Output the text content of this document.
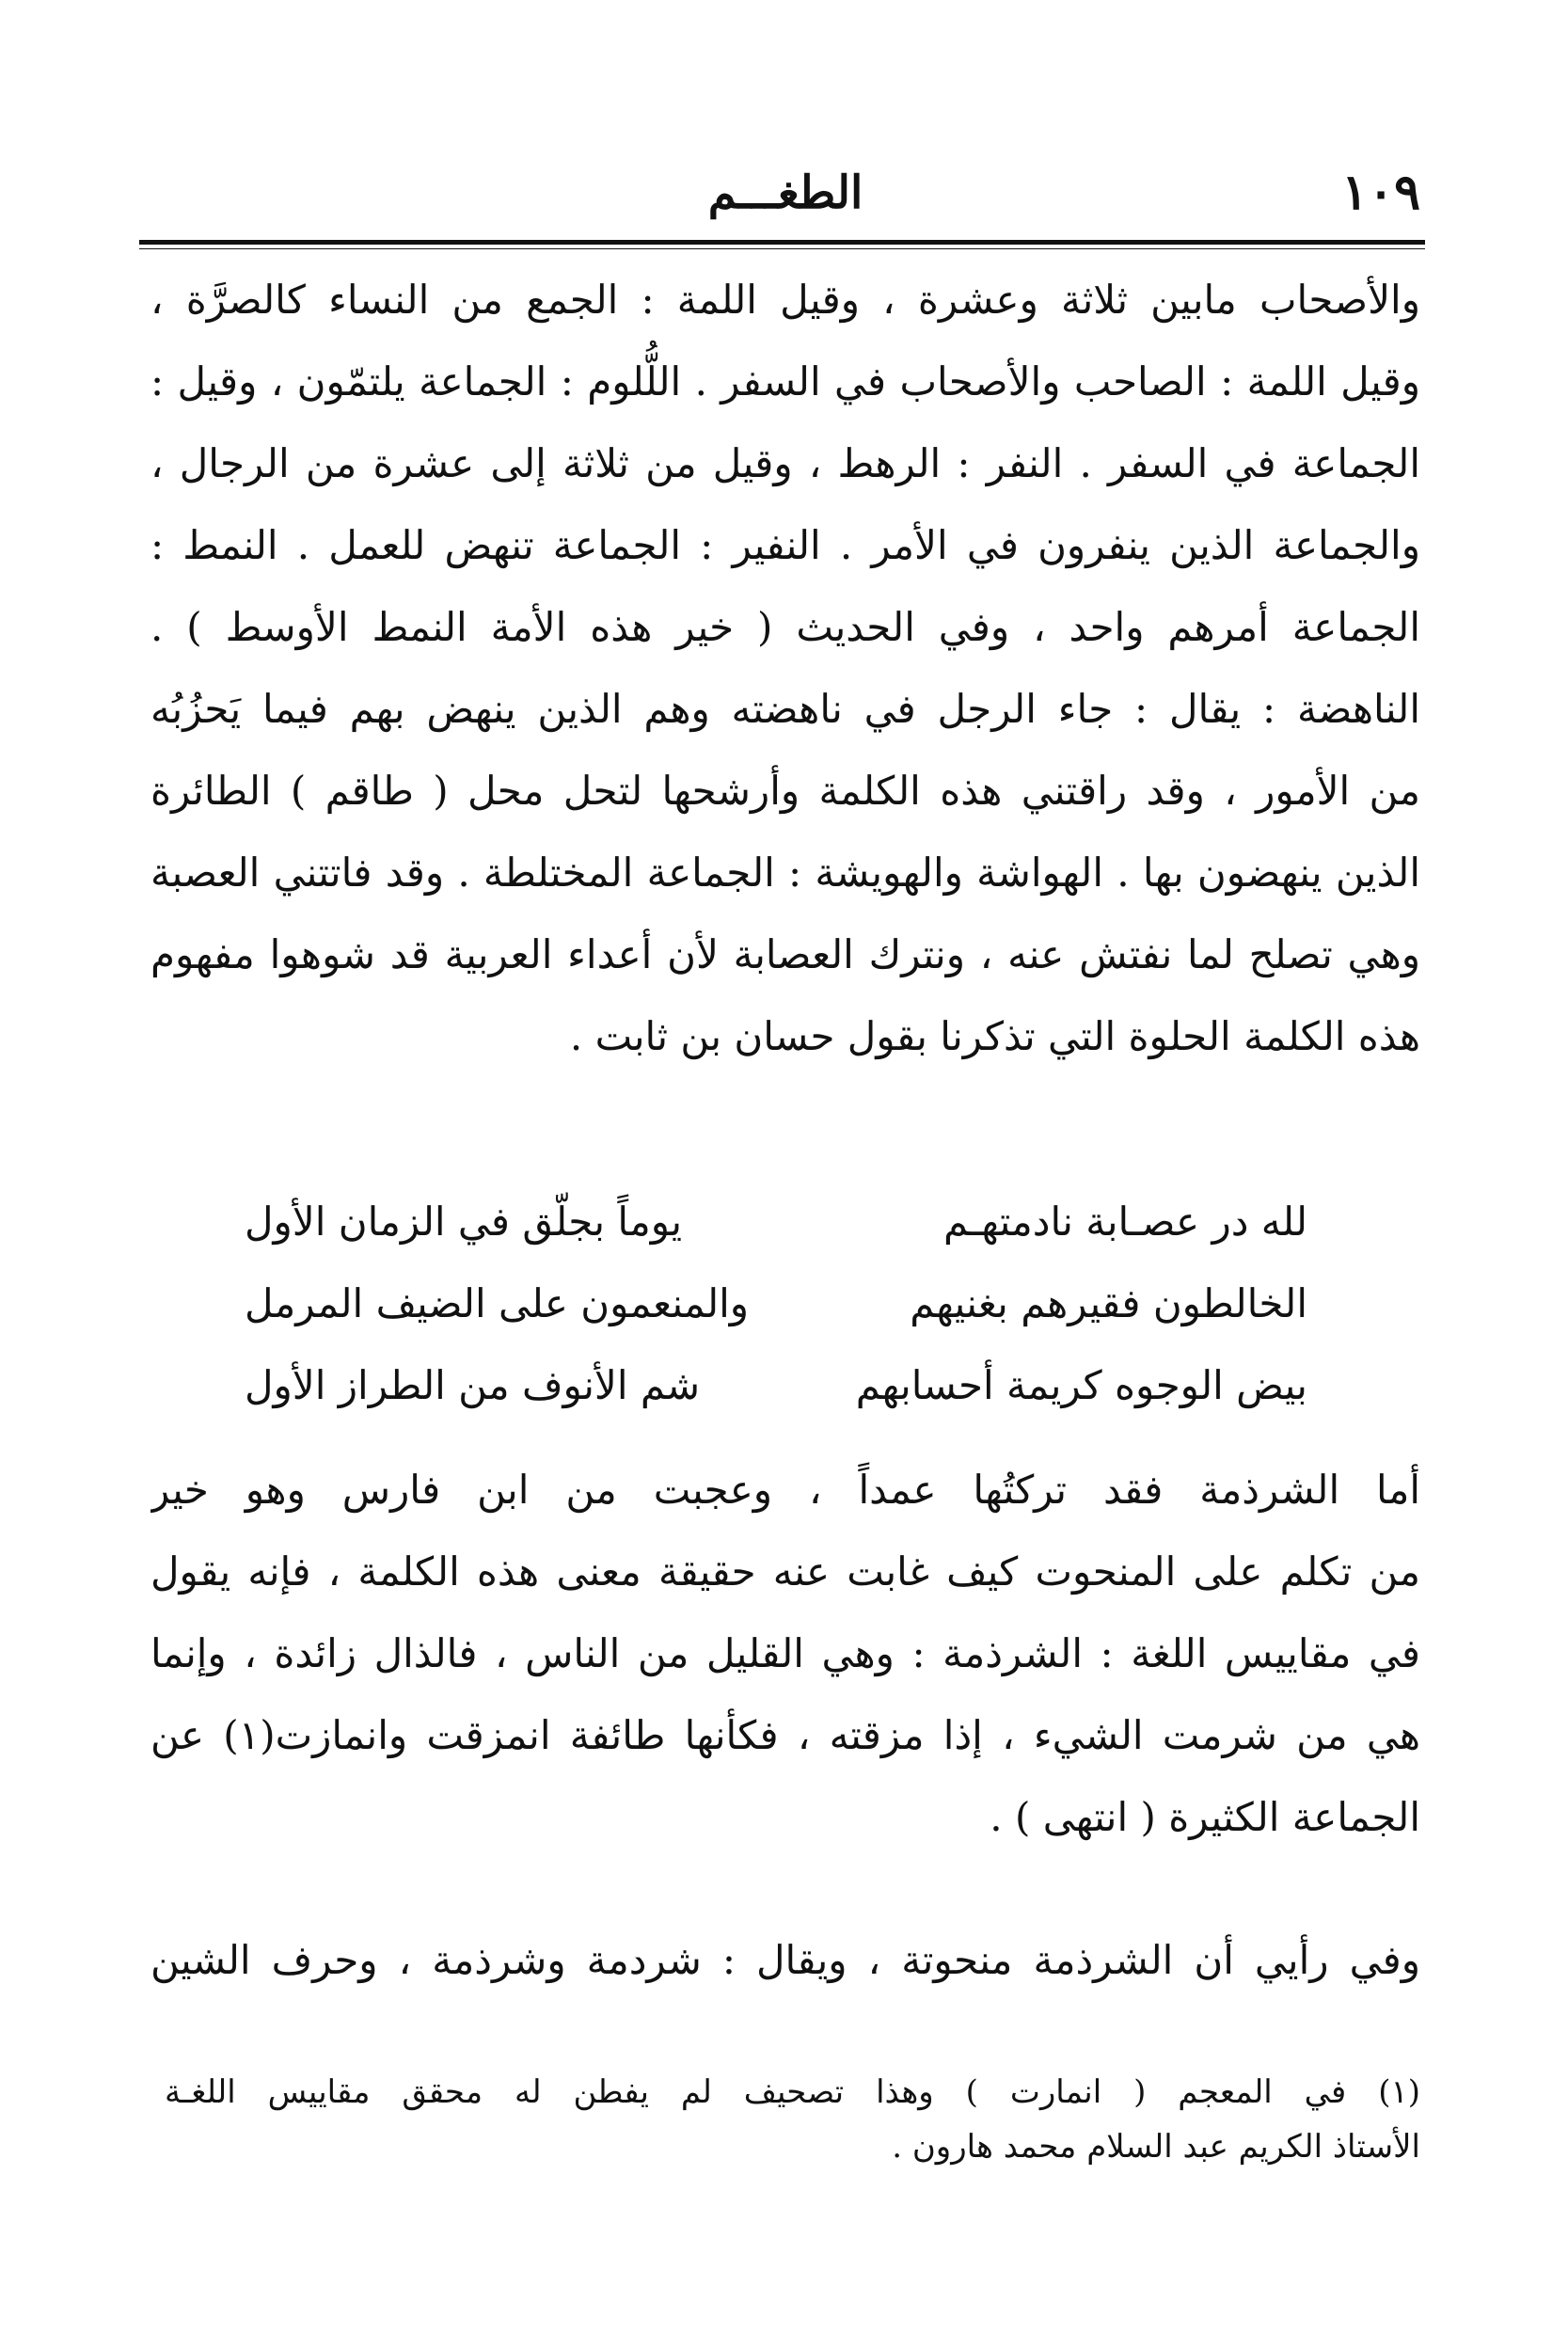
١٠٩
الطغـــم
والأصحاب مابين ثلاثة وعشرة ، وقيل اللمة : الجمع من النساء كالصرَّة ،
وقيل اللمة : الصاحب والأصحاب في السفر . اللُّلوم : الجماعة يلتمّون ، وقيل :
الجماعة في السفر . النفر : الرهط ، وقيل من ثلاثة إلى عشرة من الرجال ،
والجماعة الذين ينفرون في الأمر . النفير : الجماعة تنهض للعمل . النمط :
الجماعة أمرهم واحد ، وفي الحديث ( خير هذه الأمة النمط الأوسط ) .
الناهضة : يقال : جاء الرجل في ناهضته وهم الذين ينهض بهم فيما يَحزُبُه
من الأمور ، وقد راقتني هذه الكلمة وأرشحها لتحل محل ( طاقم ) الطائرة
الذين ينهضون بها . الهواشة والهويشة : الجماعة المختلطة . وقد فاتتني العصبة
وهي تصلح لما نفتش عنه ، ونترك العصابة لأن أعداء العربية قد شوهوا مفهوم
هذه الكلمة الحلوة التي تذكرنا بقول حسان بن ثابت .
لله در عصـابة نادمتهـم
يوماً بجلّق في الزمان الأول
الخالطون فقيرهم بغنيهم
والمنعمون على الضيف المرمل
بيض الوجوه كريمة أحسابهم
شم الأنوف من الطراز الأول
أما الشرذمة فقد تركتُها عمداً ، وعجبت من ابن فارس وهو خير
من تكلم على المنحوت كيف غابت عنه حقيقة معنى هذه الكلمة ، فإنه يقول
في مقاييس اللغة : الشرذمة : وهي القليل من الناس ، فالذال زائدة ، وإنما
هي من شرمت الشيء ، إذا مزقته ، فكأنها طائفة انمزقت وانمازت(١) عن
الجماعة الكثيرة ( انتهى ) .
وفي رأيي أن الشرذمة منحوتة ، ويقال : شردمة وشرذمة ، وحرف الشين
(١) في المعجم ( انمارت ) وهذا تصحيف لم يفطن له محقق مقاييس اللغـة
الأستاذ الكريم عبد السلام محمد هارون .
